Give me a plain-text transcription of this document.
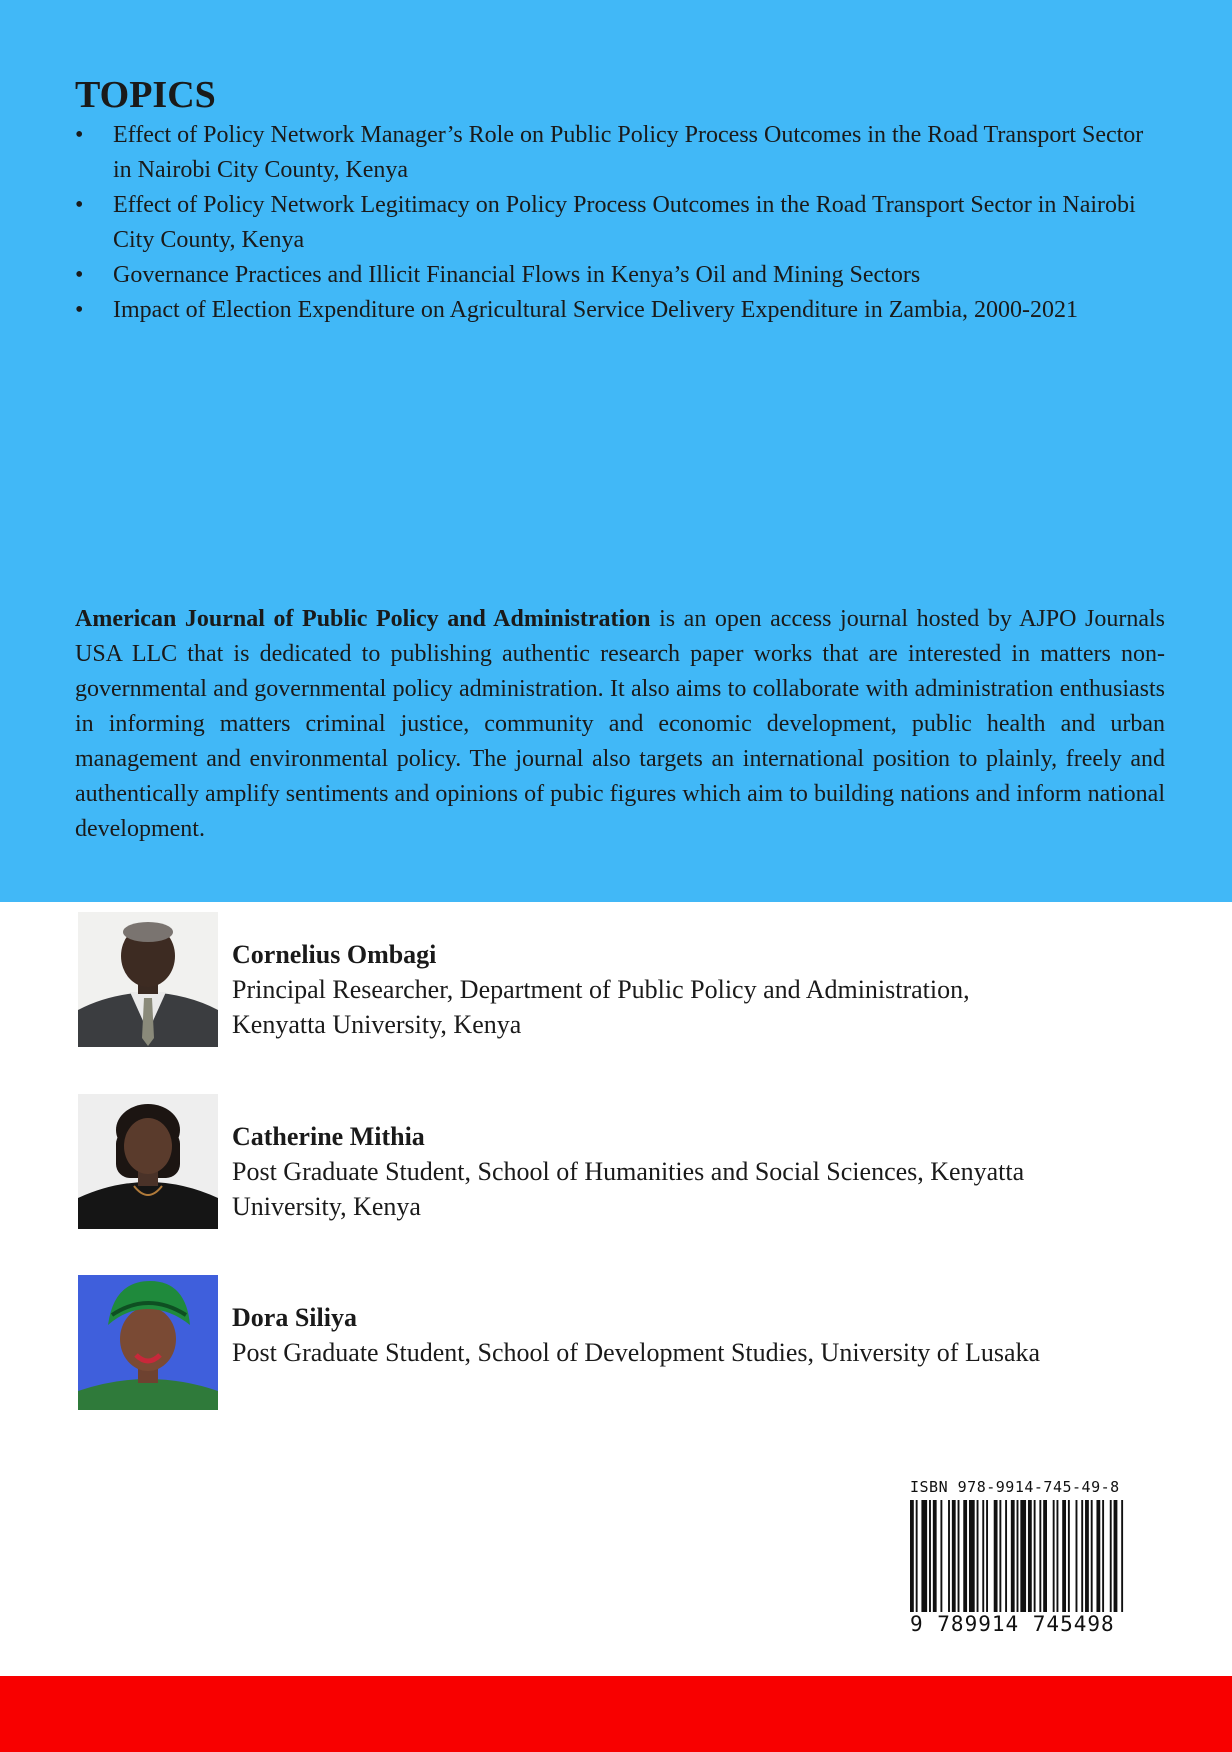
TOPICS
• Effect of Policy Network Manager’s Role on Public Policy Process Outcomes in the Road Transport Sector in Nairobi City County, Kenya
• Effect of Policy Network Legitimacy on Policy Process Outcomes in the Road Transport Sector in Nairobi City County, Kenya
• Governance Practices and Illicit Financial Flows in Kenya’s Oil and Mining Sectors
• Impact of Election Expenditure on Agricultural Service Delivery Expenditure in Zambia, 2000-2021

American Journal of Public Policy and Administration is an open access journal hosted by AJPO Journals USA LLC that is dedicated to publishing authentic research paper works that are interested in matters non-governmental and governmental policy administration. It also aims to collaborate with administration enthusiasts in informing matters criminal justice, community and economic development, public health and urban management and environmental policy. The journal also targets an international position to plainly, freely and authentically amplify sentiments and opinions of pubic figures which aim to building nations and inform national development.

Cornelius Ombagi
Principal Researcher, Department of Public Policy and Administration,
Kenyatta University, Kenya
Catherine Mithia
Post Graduate Student, School of Humanities and Social Sciences, Kenyatta
University, Kenya
Dora Siliya
Post Graduate Student, School of Development Studies, University of Lusaka
ISBN 978-9914-745-49-8
9 789914 745498
